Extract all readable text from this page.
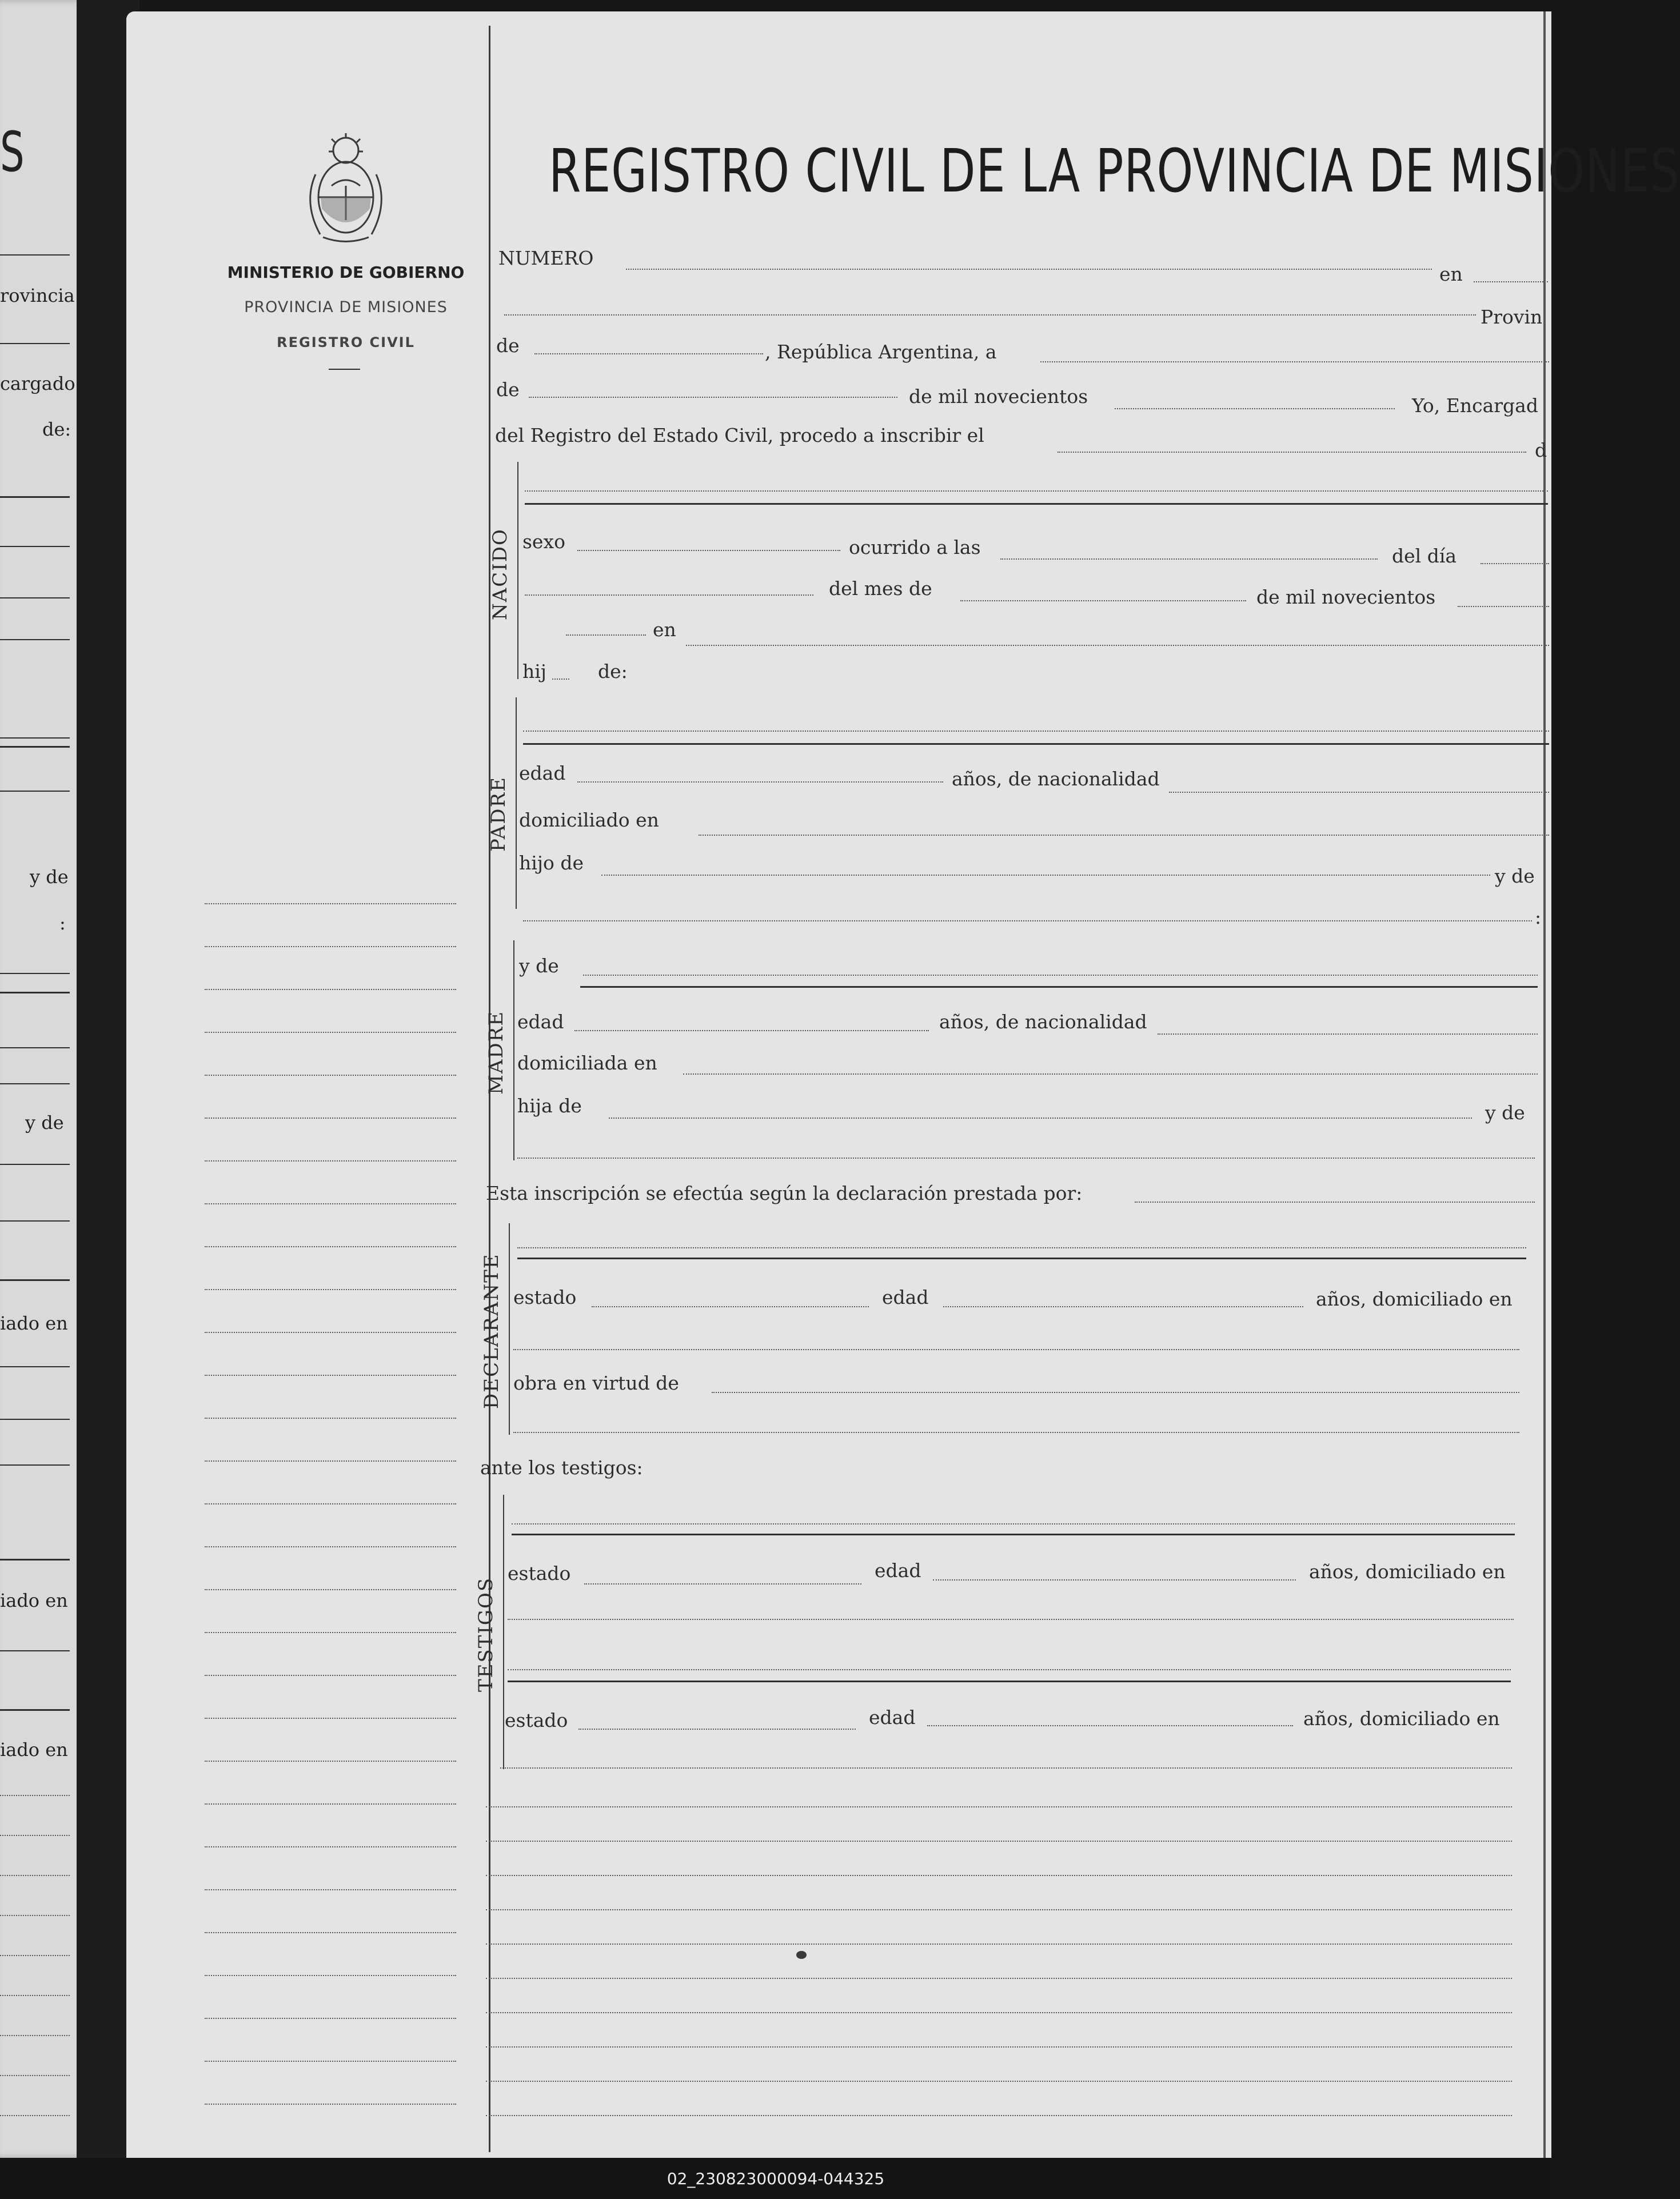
S
rovincia
cargado
de:
y de
:
y de
iado en
iado en
iado en
MINISTERIO DE GOBIERNO
PROVINCIA DE MISIONES
REGISTRO CIVIL
REGISTRO CIVIL DE LA PROVINCIA DE MISIONES
NUMERO
en
Provin
de	, República Argentina, a
de	de mil novecientos	Yo, Encargad
del Registro del Estado Civil, procedo a inscribir el
d
NACIDO sexo	ocurrido a las	del día
del mes de	de mil novecientos
en
hij	de:
PADRE
edad	años, de nacionalidad
domiciliado en
hijo de
y de
:
y de
MADRE edad	años, de nacionalidad
domiciliada en
hija de	y de
Esta inscripción se efectúa según la declaración prestada por:
DECLARANTE estado	edad	años, domiciliado en
obra en virtud de
ante los testigos:
TESTIGOS
estado	edad	años, domiciliado en
estado	edad	años, domiciliado en
02_230823000094-044325
